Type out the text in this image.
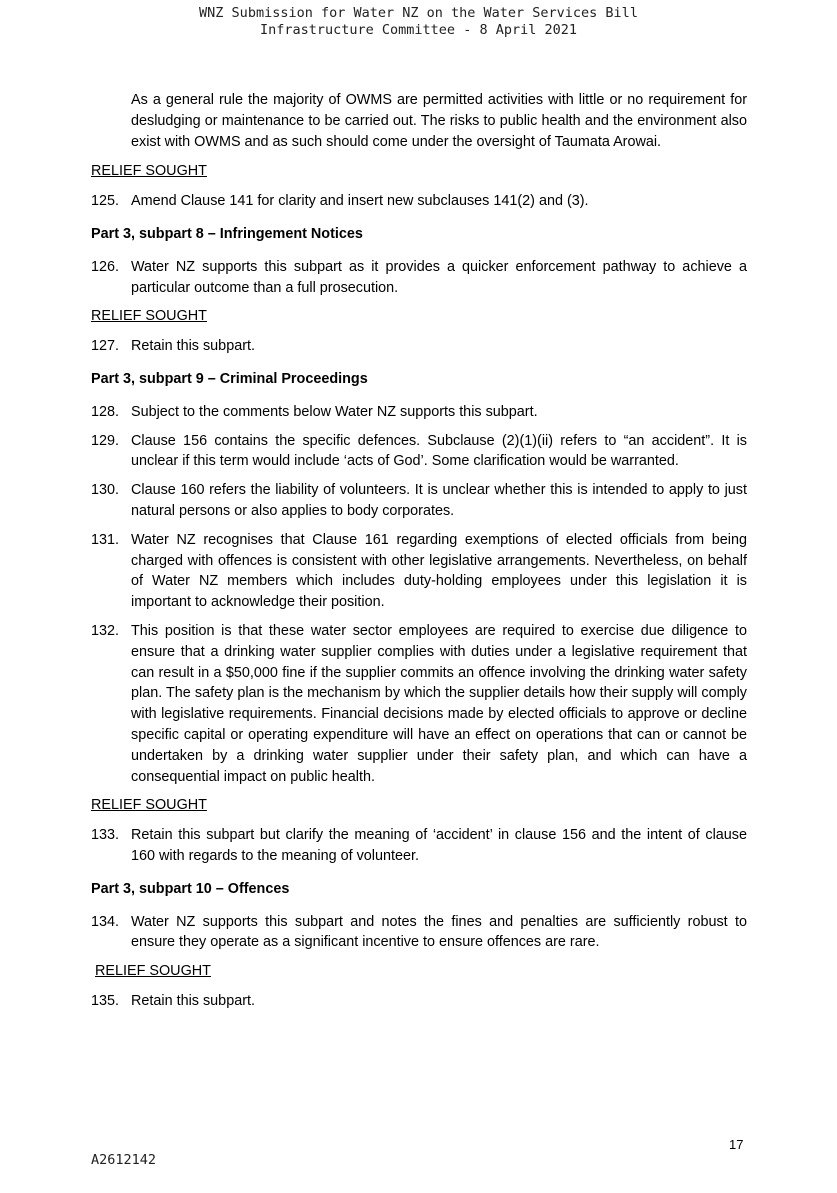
WNZ Submission for Water NZ on the Water Services Bill
Infrastructure Committee - 8 April 2021

As a general rule the majority of OWMS are permitted activities with little or no requirement for desludging or maintenance to be carried out. The risks to public health and the environment also exist with OWMS and as such should come under the oversight of Taumata Arowai.

RELIEF SOUGHT
125. Amend Clause 141 for clarity and insert new subclauses 141(2) and (3).
Part 3, subpart 8 – Infringement Notices
126. Water NZ supports this subpart as it provides a quicker enforcement pathway to achieve a particular outcome than a full prosecution.
RELIEF SOUGHT
127. Retain this subpart.
Part 3, subpart 9 – Criminal Proceedings
128. Subject to the comments below Water NZ supports this subpart.
129. Clause 156 contains the specific defences. Subclause (2)(1)(ii) refers to “an accident”. It is unclear if this term would include ‘acts of God’. Some clarification would be warranted.
130. Clause 160 refers the liability of volunteers. It is unclear whether this is intended to apply to just natural persons or also applies to body corporates.
131. Water NZ recognises that Clause 161 regarding exemptions of elected officials from being charged with offences is consistent with other legislative arrangements. Nevertheless, on behalf of Water NZ members which includes duty-holding employees under this legislation it is important to acknowledge their position.
132. This position is that these water sector employees are required to exercise due diligence to ensure that a drinking water supplier complies with duties under a legislative requirement that can result in a $50,000 fine if the supplier commits an offence involving the drinking water safety plan. The safety plan is the mechanism by which the supplier details how their supply will comply with legislative requirements. Financial decisions made by elected officials to approve or decline specific capital or operating expenditure will have an effect on operations that can or cannot be undertaken by a drinking water supplier under their safety plan, and which can have a consequential impact on public health.
RELIEF SOUGHT
133. Retain this subpart but clarify the meaning of ‘accident’ in clause 156 and the intent of clause 160 with regards to the meaning of volunteer.
Part 3, subpart 10 – Offences
134. Water NZ supports this subpart and notes the fines and penalties are sufficiently robust to ensure they operate as a significant incentive to ensure offences are rare.
RELIEF SOUGHT
135. Retain this subpart.
17
A2612142
